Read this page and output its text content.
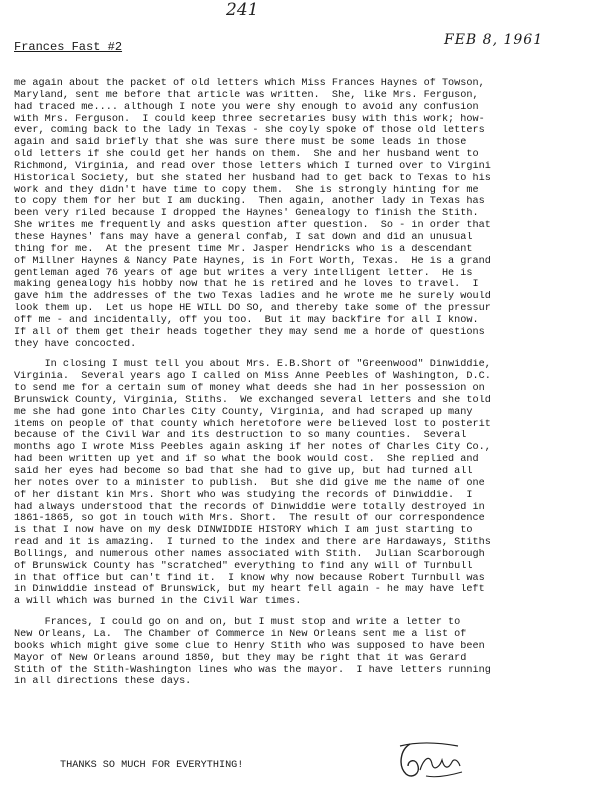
241
Frances Fast #2	FEB 8, 1961
me again about the packet of old letters which Miss Frances Haynes of Towson,
Maryland, sent me before that article was written.  She, like Mrs. Ferguson,
had traced me.... although I note you were shy enough to avoid any confusion
with Mrs. Ferguson.  I could keep three secretaries busy with this work; how-
ever, coming back to the lady in Texas - she coyly spoke of those old letters
again and said briefly that she was sure there must be some leads in those
old letters if she could get her hands on them.  She and her husband went to
Richmond, Virginia, and read over those letters which I turned over to Virgini
Historical Society, but she stated her husband had to get back to Texas to his
work and they didn't have time to copy them.  She is strongly hinting for me
to copy them for her but I am ducking.  Then again, another lady in Texas has
been very riled because I dropped the Haynes' Genealogy to finish the Stith.
She writes me frequently and asks question after question.  So - in order that
these Haynes' fans may have a general confab, I sat down and did an unusual
thing for me.  At the present time Mr. Jasper Hendricks who is a descendant
of Millner Haynes & Nancy Pate Haynes, is in Fort Worth, Texas.  He is a grand
gentleman aged 76 years of age but writes a very intelligent letter.  He is
making genealogy his hobby now that he is retired and he loves to travel.  I
gave him the addresses of the two Texas ladies and he wrote me he surely would
look them up.  Let us hope HE WILL DO SO, and thereby take some of the pressur
off me - and incidentally, off you too.  But it may backfire for all I know.
If all of them get their heads together they may send me a horde of questions
they have concocted.
In closing I must tell you about Mrs. E.B.Short of "Greenwood" Dinwiddie,
Virginia.  Several years ago I called on Miss Anne Peebles of Washington, D.C.
to send me for a certain sum of money what deeds she had in her possession on
Brunswick County, Virginia, Stiths.  We exchanged several letters and she told
me she had gone into Charles City County, Virginia, and had scraped up many
items on people of that county which heretofore were believed lost to posterit
because of the Civil War and its destruction to so many counties.  Several
months ago I wrote Miss Peebles again asking if her notes of Charles City Co.,
had been written up yet and if so what the book would cost.  She replied and
said her eyes had become so bad that she had to give up, but had turned all
her notes over to a minister to publish.  But she did give me the name of one
of her distant kin Mrs. Short who was studying the records of Dinwiddie.  I
had always understood that the records of Dinwiddie were totally destroyed in
1861-1865, so got in touch with Mrs. Short.  The result of our correspondence
is that I now have on my desk DINWIDDIE HISTORY which I am just starting to
read and it is amazing.  I turned to the index and there are Hardaways, Stiths
Bollings, and numerous other names associated with Stith.  Julian Scarborough
of Brunswick County has "scratched" everything to find any will of Turnbull
in that office but can't find it.  I know why now because Robert Turnbull was
in Dinwiddie instead of Brunswick, but my heart fell again - he may have left
a will which was burned in the Civil War times.
Frances, I could go on and on, but I must stop and write a letter to
New Orleans, La.  The Chamber of Commerce in New Orleans sent me a list of
books which might give some clue to Henry Stith who was supposed to have been
Mayor of New Orleans around 1850, but they may be right that it was Gerard
Stith of the Stith-Washington lines who was the mayor.  I have letters running
in all directions these days.
THANKS SO MUCH FOR EVERYTHING!
